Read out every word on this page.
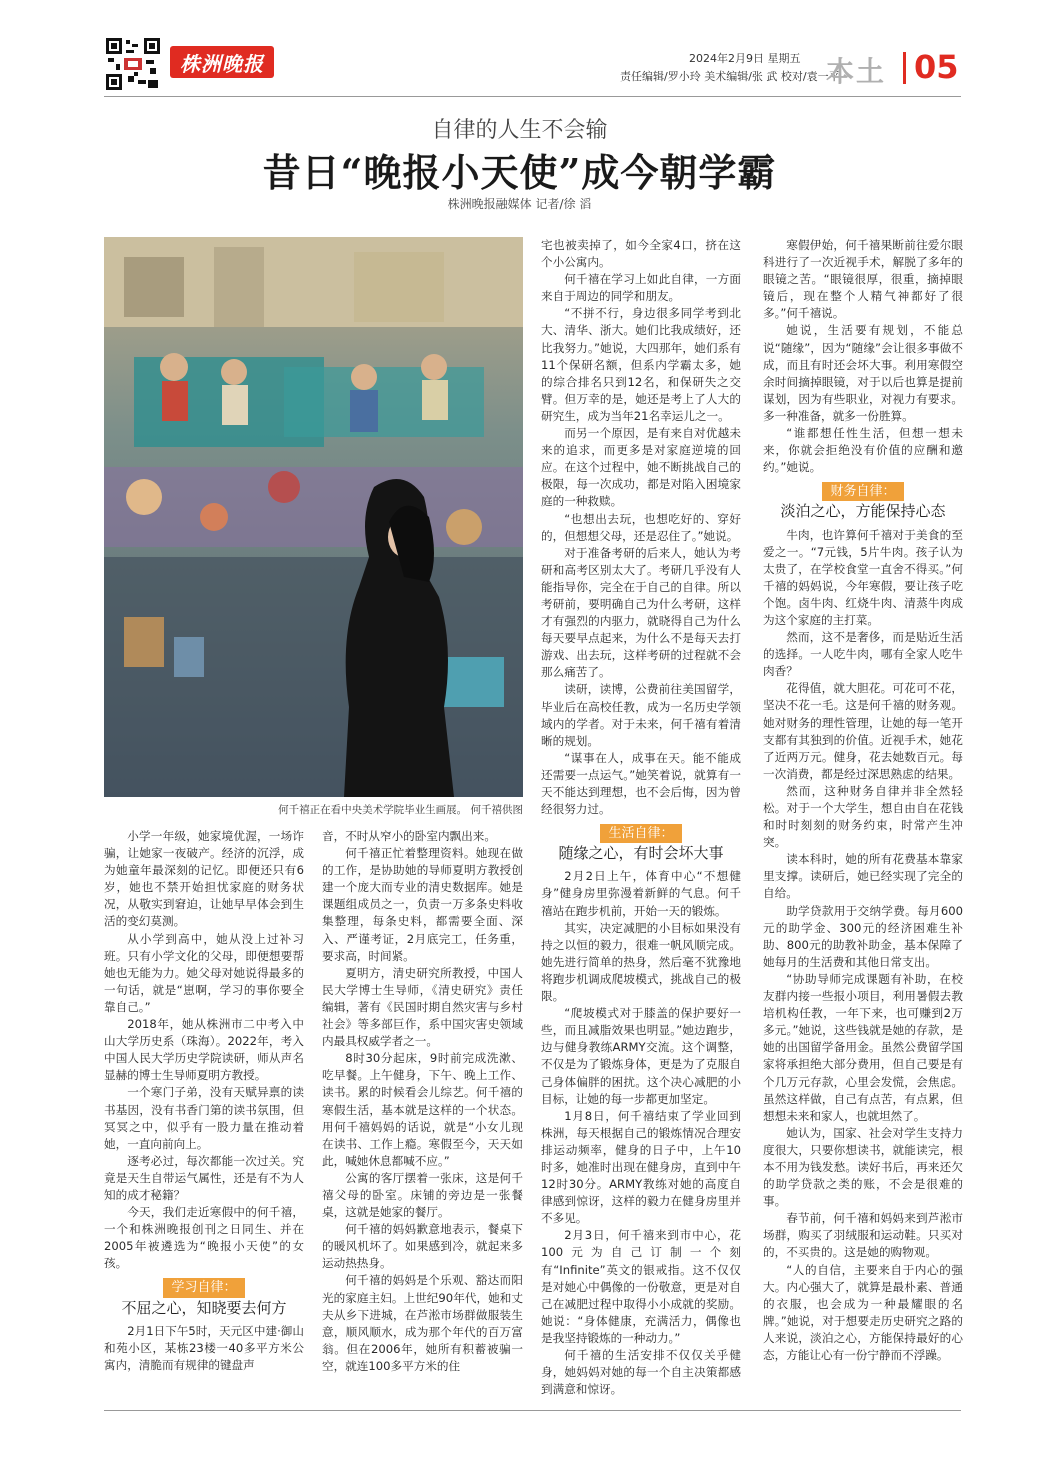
株洲晚报	2024年2月9日 星期五
责任编辑/罗小玲 美术编辑/张 武 校对/袁一平
本土 05
自律的人生不会输
昔日“晚报小天使”成今朝学霸
株洲晚报融媒体 记者/徐 滔
何千禧正在看中央美术学院毕业生画展。 何千禧供图

宅也被卖掉了，如今全家4口，挤在这个小公寓内。

何千禧在学习上如此自律，一方面来自于周边的同学和朋友。

“不拼不行，身边很多同学考到北大、清华、浙大。她们比我成绩好，还比我努力。”她说，大四那年，她们系有11个保研名额，但系内学霸太多，她的综合排名只到12名，和保研失之交臂。但万幸的是，她还是考上了人大的研究生，成为当年21名幸运儿之一。

而另一个原因，是有来自对优越未来的追求，而更多是对家庭逆境的回应。在这个过程中，她不断挑战自己的极限，每一次成功，都是对陷入困境家庭的一种救赎。

“也想出去玩，也想吃好的、穿好的，但想想父母，还是忍住了。”她说。

对于准备考研的后来人，她认为考研和高考区别太大了。考研几乎没有人能指导你，完全在于自己的自律。所以考研前，要明确自己为什么考研，这样才有强烈的内驱力，就晓得自己为什么每天要早点起来，为什么不是每天去打游戏、出去玩，这样考研的过程就不会那么痛苦了。

读研，读博，公费前往美国留学，毕业后在高校任教，成为一名历史学领域内的学者。对于未来，何千禧有着清晰的规划。

“谋事在人，成事在天。能不能成还需要一点运气。”她笑着说，就算有一天不能达到理想，也不会后悔，因为曾经很努力过。

生活自律：
随缘之心，有时会坏大事

2月2日上午，体育中心“不想健身”健身房里弥漫着新鲜的气息。何千禧站在跑步机前，开始一天的锻炼。

其实，决定减肥的小目标如果没有持之以恒的毅力，很难一帆风顺完成。她先进行简单的热身，然后毫不犹豫地将跑步机调成爬坡模式，挑战自己的极限。

“爬坡模式对于膝盖的保护要好一些，而且减脂效果也明显。”她边跑步，边与健身教练ARMY交流。这个调整，不仅是为了锻炼身体，更是为了克服自己身体偏胖的困扰。这个决心减肥的小目标，让她的每一步都更加坚定。

1月8日，何千禧结束了学业回到株洲，每天根据自己的锻炼情况合理安排运动频率，健身的日子中，上午10时多，她准时出现在健身房，直到中午12时30分。ARMY教练对她的高度自律感到惊讶，这样的毅力在健身房里并不多见。

2月3日，何千禧来到市中心，花100元为自己订制一个刻有“Infinite”英文的银戒指。这不仅仅是对她心中偶像的一份敬意，更是对自己在减肥过程中取得小小成就的奖励。她说：“身体健康，充满活力，偶像也是我坚持锻炼的一种动力。”

何千禧的生活安排不仅仅关乎健身，她妈妈对她的每一个自主决策都感到满意和惊讶。

寒假伊始，何千禧果断前往爱尔眼科进行了一次近视手术，解脱了多年的眼镜之苦。“眼镜很厚，很重，摘掉眼镜后，现在整个人精气神都好了很多。”何千禧说。

她说，生活要有规划，不能总说“随缘”，因为“随缘”会让很多事做不成，而且有时还会坏大事。利用寒假空余时间摘掉眼镜，对于以后也算是提前谋划，因为有些职业，对视力有要求。多一种准备，就多一份胜算。

“谁都想任性生活，但想一想未来，你就会拒绝没有价值的应酬和邀约。”她说。

财务自律：
淡泊之心，方能保持心态

牛肉，也许算何千禧对于美食的至爱之一。“7元钱，5片牛肉。孩子认为太贵了，在学校食堂一直舍不得买。”何千禧的妈妈说，今年寒假，要让孩子吃个饱。卤牛肉、红烧牛肉、清蒸牛肉成为这个家庭的主打菜。

然而，这不是奢侈，而是贴近生活的选择。一人吃牛肉，哪有全家人吃牛肉香？

花得值，就大胆花。可花可不花，坚决不花一毛。这是何千禧的财务观。她对财务的理性管理，让她的每一笔开支都有其独到的价值。近视手术，她花了近两万元。健身，花去她数百元。每一次消费，都是经过深思熟虑的结果。

然而，这种财务自律并非全然轻松。对于一个大学生，想自由自在花钱和时时刻刻的财务约束，时常产生冲突。

读本科时，她的所有花费基本靠家里支撑。读研后，她已经实现了完全的自给。

助学贷款用于交纳学费。每月600元的助学金、300元的经济困难生补助、800元的助教补助金，基本保障了她每月的生活费和其他日常支出。

“协助导师完成课题有补助，在校友群内接一些报小项目，利用暑假去教培机构任教，一年下来，也可赚到2万多元。”她说，这些钱就是她的存款，是她的出国留学备用金。虽然公费留学国家将承担绝大部分费用，但自己要是有个几万元存款，心里会发慌，会焦虑。虽然这样做，自己有点苦，有点累，但想想未来和家人，也就坦然了。

她认为，国家、社会对学生支持力度很大，只要你想读书，就能读完，根本不用为钱发愁。读好书后，再来还欠的助学贷款之类的账，不会是很难的事。

春节前，何千禧和妈妈来到芦淞市场群，购买了羽绒服和运动鞋。只买对的，不买贵的。这是她的购物观。

“人的自信，主要来自于内心的强大。内心强大了，就算是最朴素、普通的衣服，也会成为一种最耀眼的名牌。”她说，对于想要走历史研究之路的人来说，淡泊之心，方能保持最好的心态，方能让心有一份宁静而不浮躁。

小学一年级，她家境优渥，一场诈骗，让她家一夜破产。经济的沉浮，成为她童年最深刻的记忆。即便还只有6岁，她也不禁开始担忧家庭的财务状况，从敬实到窘迫，让她早早体会到生活的变幻莫测。

从小学到高中，她从没上过补习班。只有小学文化的父母，即便想要帮她也无能为力。她父母对她说得最多的一句话，就是“崽啊，学习的事你要全靠自己。”

2018年，她从株洲市二中考入中山大学历史系（珠海）。2022年，考入中国人民大学历史学院读研，师从声名显赫的博士生导师夏明方教授。

一个寒门子弟，没有天赋异禀的读书基因，没有书香门第的读书氛围，但冥冥之中，似乎有一股力量在推动着她，一直向前向上。

逐考必过，每次都能一次过关。究竟是天生自带运气属性，还是有不为人知的成才秘籍？

今天，我们走近寒假中的何千禧，一个和株洲晚报创刊之日同生、并在2005年被遴选为“晚报小天使”的女孩。

学习自律：
不屈之心，知晓要去何方

2月1日下午5时，天元区中建·御山和苑小区，某栋23楼一40多平方米公寓内，清脆而有规律的键盘声

音，不时从窄小的卧室内飘出来。

何千禧正忙着整理资料。她现在做的工作，是协助她的导师夏明方教授创建一个庞大而专业的清史数据库。她是课题组成员之一，负责一万多条史料收集整理，每条史料，都需要全面、深入、严谨考证，2月底完工，任务重，要求高，时间紧。

夏明方，清史研究所教授，中国人民大学博士生导师，《清史研究》责任编辑，著有《民国时期自然灾害与乡村社会》等多部巨作，系中国灾害史领域内最具权威学者之一。

8时30分起床，9时前完成洗漱、吃早餐。上午健身，下午、晚上工作、读书。累的时候看会儿综艺。何千禧的寒假生活，基本就是这样的一个状态。用何千禧妈妈的话说，就是“小女儿现在读书、工作上瘾。寒假至今，天天如此，喊她休息都喊不应。”

公寓的客厅摆着一张床，这是何千禧父母的卧室。床铺的旁边是一张餐桌，这就是她家的餐厅。

何千禧的妈妈歉意地表示，餐桌下的暖风机坏了。如果感到冷，就起来多运动热热身。

何千禧的妈妈是个乐观、豁达而阳光的家庭主妇。上世纪90年代，她和丈夫从乡下进城，在芦淞市场群做服装生意，顺风顺水，成为那个年代的百万富翁。但在2006年，她所有积蓄被骗一空，就连100多平方米的住
